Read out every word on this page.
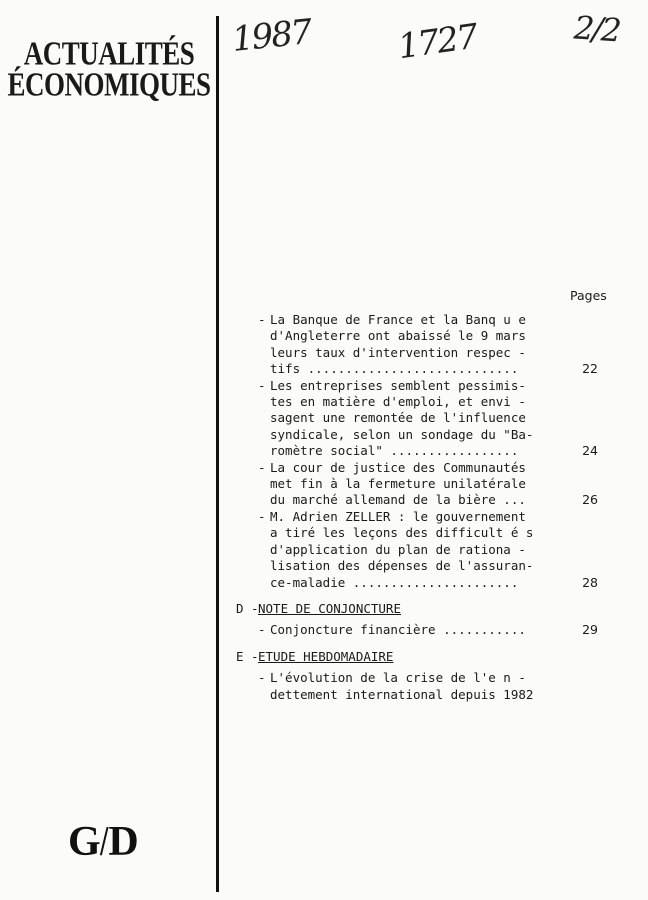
ACTUALITÉS
ÉCONOMIQUES
1987 1727	2/2
Pages
- La Banque de France et la Banq u e
d'Angleterre ont abaissé le 9 mars
leurs taux d'intervention respec -
tifs ............................	22
- Les entreprises semblent pessimis-
tes en matière d'emploi, et envi -
sagent une remontée de l'influence
syndicale, selon un sondage du "Ba-
romètre social" .................	24
- La cour de justice des Communautés
met fin à la fermeture unilatérale
du marché allemand de la bière ...	26
- M. Adrien ZELLER : le gouvernement
a tiré les leçons des difficult é s
d'application du plan de rationa -
lisation des dépenses de l'assuran-
ce-maladie ......................	28
D -NOTE DE CONJONCTURE
- Conjoncture financière ...........	29
E -ETUDE HEBDOMADAIRE
- L'évolution de la crise de l'e n -
dettement international depuis 1982
G/D
